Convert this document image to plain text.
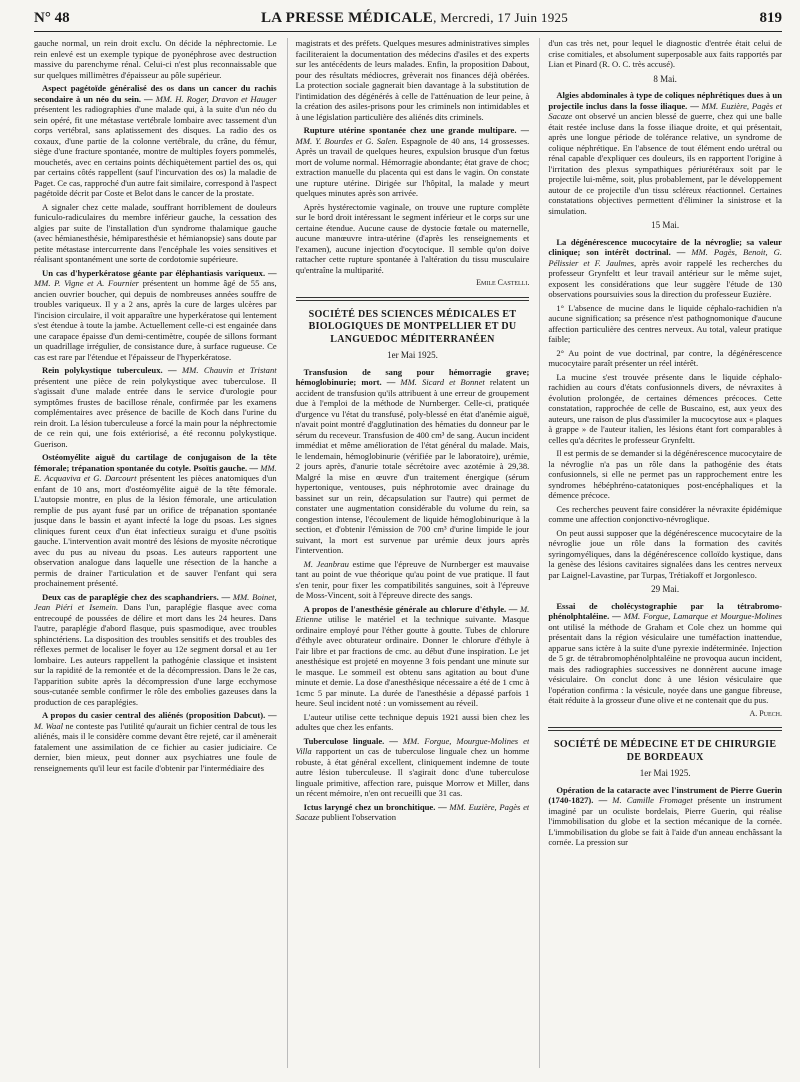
N° 48	LA PRESSE MÉDICALE, Mercredi, 17 Juin 1925	819

gauche normal, un rein droit exclu. On décide la néphrectomie. Le rein enlevé est un exemple typique de pyonéphrose avec destruction massive du parenchyme rénal. Celui-ci n'est plus reconnaissable que sur quelques millimètres d'épaisseur au pôle supérieur.

Aspect pagétoïde généralisé des os dans un cancer du rachis secondaire à un néo du sein. — MM. H. Roger, Dravon et Hauger présentent les radiographies d'une malade qui, à la suite d'un néo du sein opéré, fit une métastase vertébrale lombaire avec tassement d'un corps vertébral, sans aplatissement des disques. La radio des os coxaux, d'une partie de la colonne vertébrale, du crâne, du fémur, siège d'une fracture spontanée, montre de multiples foyers pommelés, mouchetés, avec en certains points déchiquètement partiel des os, qui par certains côtés rappellent (sauf l'incurvation des os) la maladie de Paget. Ce cas, rapproché d'un autre fait similaire, correspond à l'aspect pagétoïde décrit par Coste et Belot dans le cancer de la prostate.

A signaler chez cette malade, souffrant horriblement de douleurs funiculo-radiculaires du membre inférieur gauche, la cessation des algies par suite de l'installation d'un syndrome thalamique gauche (avec hémianesthésie, hémiparesthésie et hémianopsie) sans doute par petite métastase intercurrente dans l'encéphale les voies sensitives et réalisant spontanément une sorte de cordotomie supérieure.

Un cas d'hyperkératose géante par éléphantiasis variqueux. — MM. P. Vigne et A. Fournier présentent un homme âgé de 55 ans, ancien ouvrier boucher, qui depuis de nombreuses années souffre de troubles variqueux. Il y a 2 ans, après la cure de larges ulcères par l'incision circulaire, il voit apparaître une hyperkératose qui lentement s'est étendue à toute la jambe. Actuellement celle-ci est engainée dans une carapace épaisse d'un demi-centimètre, coupée de sillons formant un quadrillage irrégulier, de consistance dure, à surface rugueuse. Ce cas est rare par l'étendue et l'épaisseur de l'hyperkératose.

Rein polykystique tuberculeux. — MM. Chauvin et Tristant présentent une pièce de rein polykystique avec tuberculose. Il s'agissait d'une malade entrée dans le service d'urologie pour symptômes frustes de bacillose rénale, confirmée par les examens complémentaires avec présence de bacille de Koch dans l'urine du rein droit. La lésion tuberculeuse a forcé la main pour la néphrectomie de ce rein qui, une fois extériorisé, a été reconnu polykystique. Guerison.

Ostéomyélite aiguë du cartilage de conjugaison de la tête fémorale; trépanation spontanée du cotyle. Psoïtis gauche. — MM. E. Acquaviva et G. Darcourt présentent les pièces anatomiques d'un enfant de 10 ans, mort d'ostéomyélite aiguë de la tête fémorale. L'autopsie montre, en plus de la lésion fémorale, une articulation remplie de pus ayant fusé par un orifice de trépanation spontanée jusque dans le bassin et ayant infecté la loge du psoas. Les signes cliniques furent ceux d'un état infectieux suraigu et d'une psoïtis gauche. L'intervention avait montré des lésions de myosite nécrotique avec du pus au niveau du psoas. Les auteurs rapportent une observation analogue dans laquelle une résection de la hanche a permis de drainer l'articulation et de sauver l'enfant qui sera prochainement présenté.

Deux cas de paraplégie chez des scaphandriers. — MM. Boinet, Jean Piéri et Isemein. Dans l'un, paraplégie flasque avec coma entrecoupé de poussées de délire et mort dans les 24 heures. Dans l'autre, paraplégie d'abord flasque, puis spasmodique, avec troubles sphinctériens. La disposition des troubles sensitifs et des troubles des réflexes permet de localiser le foyer au 12e segment dorsal et au 1er lombaire. Les auteurs rappellent la pathogénie classique et insistent sur la rapidité de la remontée et de la décompression. Dans le 2e cas, l'apparition subite après la décompression d'une large ecchymose sous-cutanée semble confirmer le rôle des embolies gazeuses dans la production de ces paraplégies.

A propos du casier central des aliénés (proposition Dabcut). — M. Waal ne conteste pas l'utilité qu'aurait un fichier central de tous les aliénés, mais il le considère comme devant être rejeté, car il amènerait fatalement une assimilation de ce fichier au casier judiciaire. Ce dernier, bien mieux, peut donner aux psychiatres une foule de renseignements qu'il leur est facile d'obtenir par l'intermédiaire des

magistrats et des préfets. Quelques mesures administratives simples faciliteraient la documentation des médecins d'asiles et des experts sur les antécédents de leurs malades. Enfin, la proposition Dabout, pour des résultats médiocres, grèverait nos finances déjà obérées. La protection sociale gagnerait bien davantage à la substitution de l'intimidation des dégénérés à celle de l'atténuation de leur peine, à la création des asiles-prisons pour les criminels non intimidables et à une législation particulière des aliénés dits criminels.

Rupture utérine spontanée chez une grande multipare. — MM. Y. Bourdes et G. Salen. Espagnole de 40 ans, 14 grossesses. Après un travail de quelques heures, expulsion brusque d'un fœtus mort de volume normal. Hémorragie abondante; état grave de choc; extraction manuelle du placenta qui est dans le vagin. On constate une rupture utérine. Dirigée sur l'hôpital, la malade y meurt quelques minutes après son arrivée.

Après hystérectomie vaginale, on trouve une rupture complète sur le bord droit intéressant le segment inférieur et le corps sur une certaine étendue. Aucune cause de dystocie fœtale ou maternelle, aucune manœuvre intra-utérine (d'après les renseignements et l'examen), aucune injection d'ocytocique. Il semble qu'on doive rattacher cette rupture spontanée à l'altération du tissu musculaire qu'entraîne la multiparité.

Emile Castelli.
SOCIÉTÉ DES SCIENCES MÉDICALES ET BIOLOGIQUES DE MONTPELLIER ET DU LANGUEDOC MÉDITERRANÉEN
1er Mai 1925.

Transfusion de sang pour hémorragie grave; hémoglobinurie; mort. — MM. Sicard et Bonnet relatent un accident de transfusion qu'ils attribuent à une erreur de groupement due à l'emploi de la méthode de Nurnberger. Celle-ci, pratiquée d'urgence vu l'état du transfusé, poly-blessé en état d'anémie aiguë, n'avait point montré d'agglutination des hématies du donneur par le sérum du receveur. Transfusion de 400 cm³ de sang. Aucun incident immédiat et même amélioration de l'état général du malade. Mais, le lendemain, hémoglobinurie (vérifiée par le laboratoire), urémie, 2 jours après, d'anurie totale sécrétoire avec azotémie à 29,38. Malgré la mise en œuvre d'un traitement énergique (sérum hypertonique, ventouses, puis néphrotomie avec drainage du bassinet sur un rein, décapsulation sur l'autre) qui permet de constater une augmentation considérable du volume du rein, sa congestion intense, l'écoulement de liquide hémoglobinurique à la section, et d'obtenir l'émission de 700 cm³ d'urine limpide le jour suivant, la mort est survenue par urémie deux jours après l'intervention.

M. Jeanbrau estime que l'épreuve de Nurnberger est mauvaise tant au point de vue théorique qu'au point de vue pratique. Il faut s'en tenir, pour fixer les compatibilités sanguines, soit à l'épreuve de Moss-Vincent, soit à l'épreuve directe des sangs.

A propos de l'anesthésie générale au chlorure d'éthyle. — M. Etienne utilise le matériel et la technique suivante. Masque ordinaire employé pour l'éther goutte à goutte. Tubes de chlorure d'éthyle avec obturateur ordinaire. Donner le chlorure d'éthyle à l'air libre et par fractions de cmc. au début d'une inspiration. Le jet anesthésique est projeté en moyenne 3 fois pendant une minute sur le masque. Le sommeil est obtenu sans agitation au bout d'une minute et demie. La dose d'anesthésique nécessaire a été de 1 cmc à 1cmc 5 par minute. La durée de l'anesthésie a dépassé parfois 1 heure. Seul incident noté : un vomissement au réveil.

L'auteur utilise cette technique depuis 1921 aussi bien chez les adultes que chez les enfants.

Tuberculose linguale. — MM. Forgue, Mourgue-Molines et Villa rapportent un cas de tuberculose linguale chez un homme robuste, à état général excellent, cliniquement indemne de toute autre lésion tuberculeuse. Il s'agirait donc d'une tuberculose linguale primitive, affection rare, puisque Morrow et Miller, dans un récent mémoire, n'en ont recueilli que 31 cas.

Ictus laryngé chez un bronchitique. — MM. Euzière, Pagès et Sacaze publient l'observation

d'un cas très net, pour lequel le diagnostic d'entrée était celui de crise comitiales, et absolument superposable aux faits rapportés par Lian et Pinard (R. O. C. très accusé).

8 Mai.

Algies abdominales à type de coliques néphrétiques dues à un projectile inclus dans la fosse iliaque. — MM. Euzière, Pagès et Sacaze ont observé un ancien blessé de guerre, chez qui une balle était restée incluse dans la fosse iliaque droite, et qui présentait, après une longue période de tolérance relative, un syndrome de colique néphrétique. En l'absence de tout élément endo urétral ou rénal capable d'expliquer ces douleurs, ils en rapportent l'origine à l'irritation des plexus sympathiques périurétéraux soit par le projectile lui-même, soit, plus probablement, par le développement autour de ce projectile d'un tissu scléreux réactionnel. Certaines constatations objectives permettent d'éliminer la sinistrose et la simulation.

15 Mai.

La dégénérescence mucocytaire de la névroglie; sa valeur clinique; son intérêt doctrinal. — MM. Pagès, Benoit, G. Pélissier et F. Jaulmes, après avoir rappelé les recherches du professeur Grynfeltt et leur travail antérieur sur le même sujet, exposent les considérations que leur suggère l'étude de 130 observations poursuivies sous la direction du professeur Euzière.

1° L'absence de mucine dans le liquide céphalo-rachidien n'a aucune signification; sa présence n'est pathognomonique d'aucune affection particulière des centres nerveux. Au total, valeur pratique faible;

2° Au point de vue doctrinal, par contre, la dégénérescence mucocytaire paraît présenter un réel intérêt.

La mucine s'est trouvée présente dans le liquide céphalo-rachidien au cours d'états confusionnels divers, de névraxites à évolution prolongée, de certaines démences précoces. Cette constatation, rapprochée de celle de Buscaino, est, aux yeux des auteurs, une raison de plus d'assimiler la mucocytose aux « plaques à grappe » de l'auteur italien, les lésions étant fort comparables à celles qu'a décrites le professeur Grynfeltt.

Il est permis de se demander si la dégénérescence mucocytaire de la névroglie n'a pas un rôle dans la pathogénie des états confusionnels, si elle ne permet pas un rapprochement entre les syndromes hébéphréno-catatoniques post-encéphaliques et la démence précoce.

Ces recherches peuvent faire considérer la névraxite épidémique comme une affection conjonctivo-névroglique.

On peut aussi supposer que la dégénérescence mucocytaire de la névroglie joue un rôle dans la formation des cavités syringomyéliques, dans la dégénérescence colloïdo kystique, dans la genèse des lésions cavitaires signalées dans les centres nerveux par Laignel-Lavastine, par Turpas, Trétiakoff et Jorgonlesco.

29 Mai.

Essai de cholécystographie par la tétrabromo-phénolphtaléine. — MM. Forgue, Lamarque et Mourgue-Molines ont utilisé la méthode de Graham et Cole chez un homme qui présentait dans la région vésiculaire une tuméfaction inattendue, apparue sans ictère à la suite d'une pyrexie indéterminée. Injection de 5 gr. de tétrabromophénolphtaléine ne provoqua aucun incident, mais des radiographies successives ne donnèrent aucune image vésiculaire. On conclut donc à une lésion vésiculaire que l'opération confirma : la vésicule, noyée dans une gangue fibreuse, était réduite à la grosseur d'une olive et ne contenait que du pus.

A. Puech.
SOCIÉTÉ DE MÉDECINE ET DE CHIRURGIE DE BORDEAUX
1er Mai 1925.

Opération de la cataracte avec l'instrument de Pierre Guerin (1740-1827). — M. Camille Fromaget présente un instrument imaginé par un oculiste bordelais, Pierre Guerin, qui réalise l'immobilisation du globe et la section mécanique de la cornée. L'immobilisation du globe se fait à l'aide d'un anneau enchâssant la cornée. La pression sur
